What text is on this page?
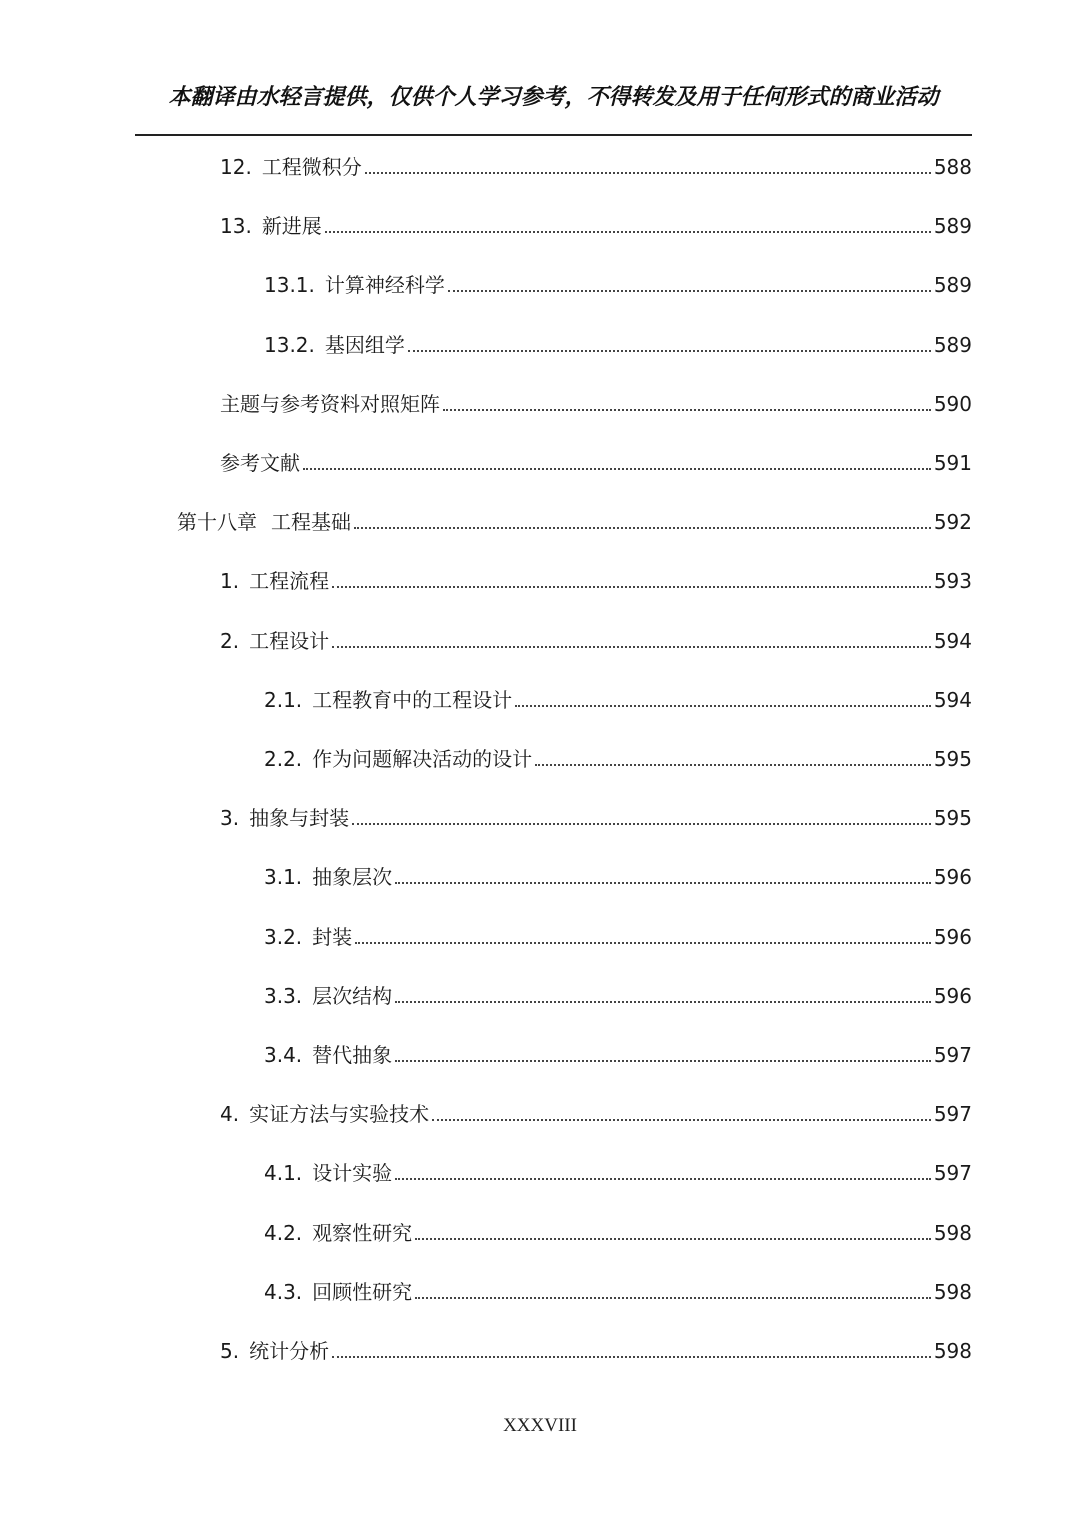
本翻译由水轻言提供，仅供个人学习参考，不得转发及用于任何形式的商业活动
12. 工程微积分	588
13. 新进展	589
13.1. 计算神经科学	589
13.2. 基因组学	589
主题与参考资料对照矩阵	590
参考文献	591
第十八章 工程基础	592
1. 工程流程	593
2. 工程设计	594
2.1. 工程教育中的工程设计	594
2.2. 作为问题解决活动的设计	595
3. 抽象与封装	595
3.1. 抽象层次	596
3.2. 封装	596
3.3. 层次结构	596
3.4. 替代抽象	597
4. 实证方法与实验技术	597
4.1. 设计实验	597
4.2. 观察性研究	598
4.3. 回顾性研究	598
5. 统计分析	598
XXXVIII
